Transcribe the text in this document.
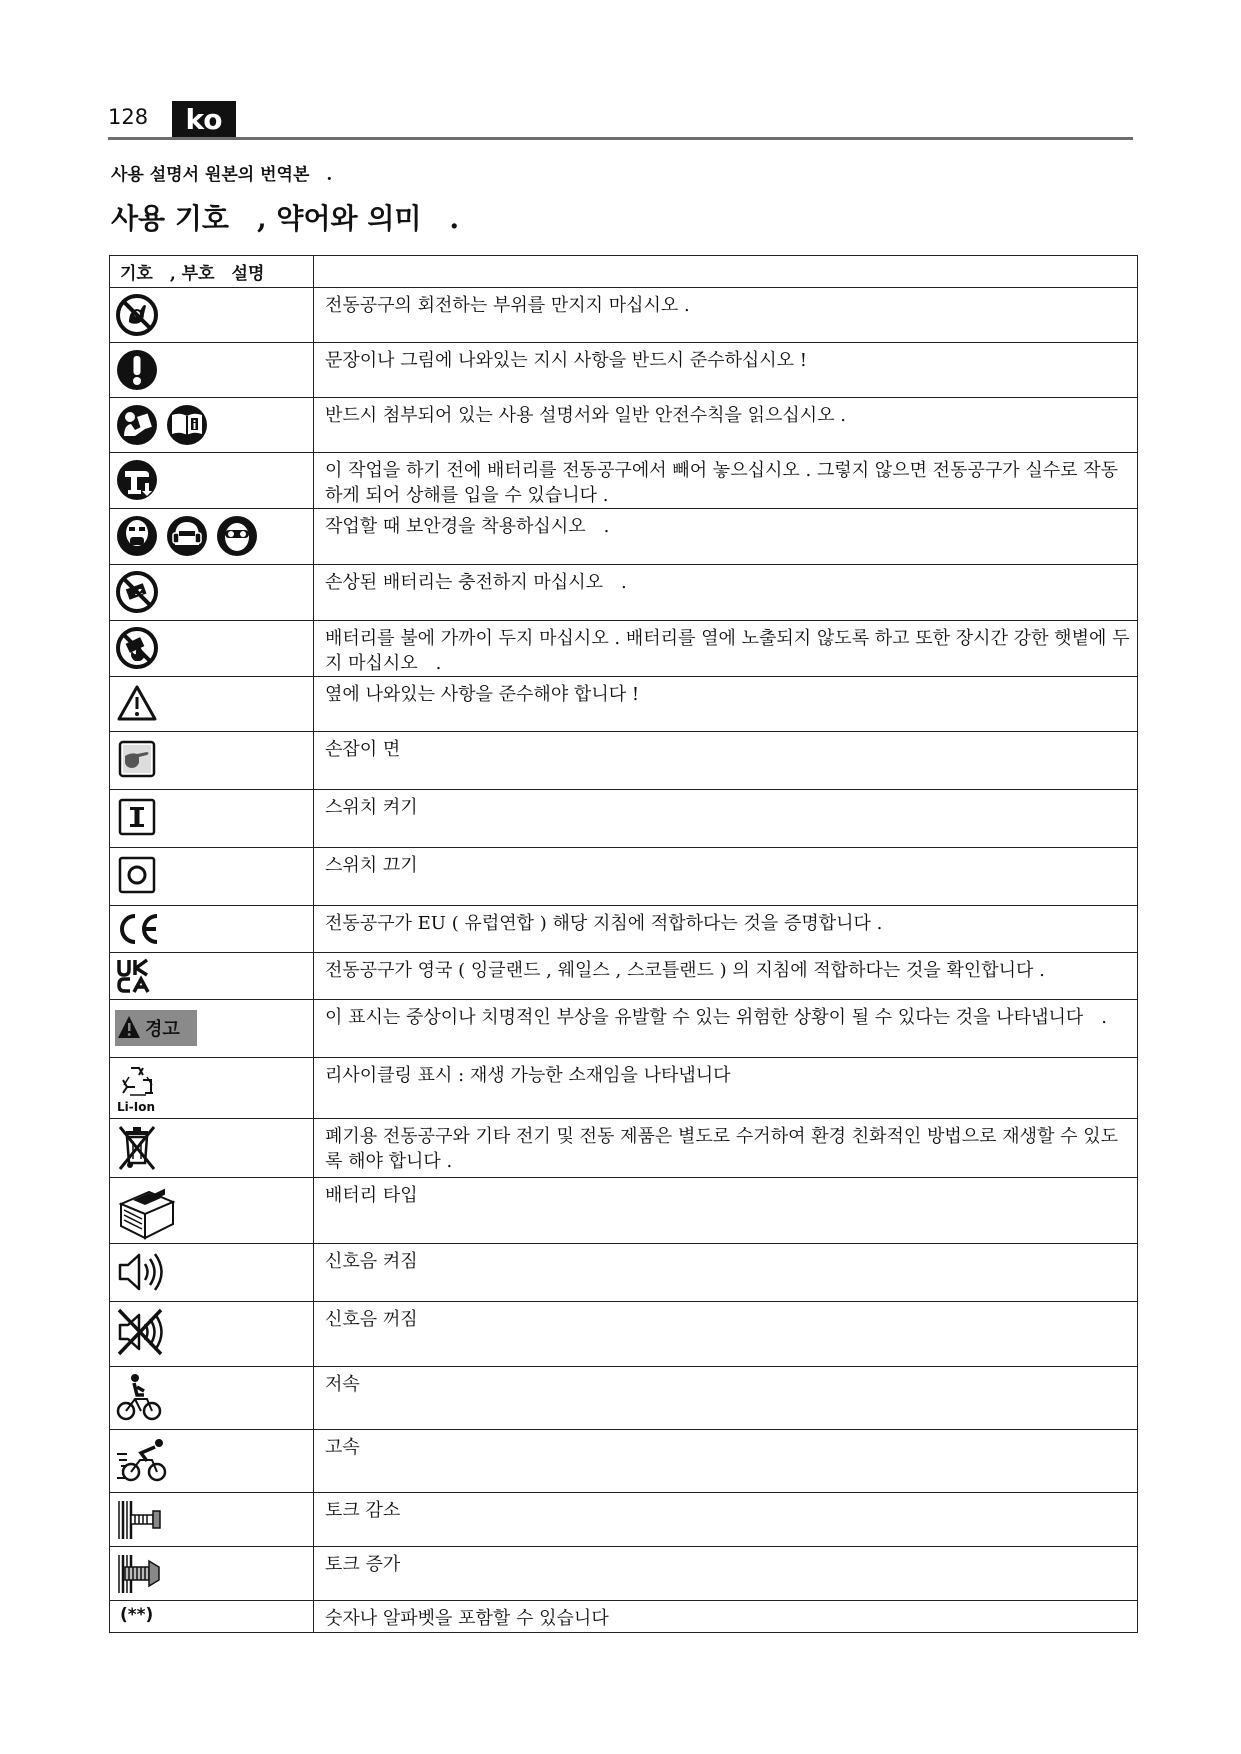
128	ko
사용 설명서 원본의 번역본　.
사용 기호　, 약어와 의미　.
기호　, 부호　설명	

전동공구의 회전하는 부위를 만지지 마십시오 .

문장이나 그림에 나와있는 지시 사항을 반드시 준수하십시오 !

반드시 첨부되어 있는 사용 설명서와 일반 안전수칙을 읽으십시오 .

이 작업을 하기 전에 배터리를 전동공구에서 빼어 놓으십시오 . 그렇지 않으면 전동공구가 실수로 작동하게 되어 상해를 입을 수 있습니다 .

작업할 때 보안경을 착용하십시오　.

손상된 배터리는 충전하지 마십시오　.

배터리를 불에 가까이 두지 마십시오 . 배터리를 열에 노출되지 않도록 하고 또한 장시간 강한 햇볕에 두지 마십시오　.

옆에 나와있는 사항을 준수해야 합니다 !

손잡이 면

스위치 켜기

스위치 끄기

전동공구가 EU ( 유럽연합 ) 해당 지침에 적합하다는 것을 증명합니다 .

전동공구가 영국 ( 잉글랜드 , 웨일스 , 스코틀랜드 ) 의 지침에 적합하다는 것을 확인합니다 .

경고	이 표시는 중상이나 치명적인 부상을 유발할 수 있는 위험한 상황이 될 수 있다는 것을 나타냅니다　.

Li-Ion	리사이클링 표시 : 재생 가능한 소재임을 나타냅니다

폐기용 전동공구와 기타 전기 및 전동 제품은 별도로 수거하여 환경 친화적인 방법으로 재생할 수 있도록 해야 합니다 .

배터리 타입

신호음 켜짐

신호음 꺼짐

저속

고속

토크 감소

토크 증가

(**)	숫자나 알파벳을 포함할 수 있습니다
